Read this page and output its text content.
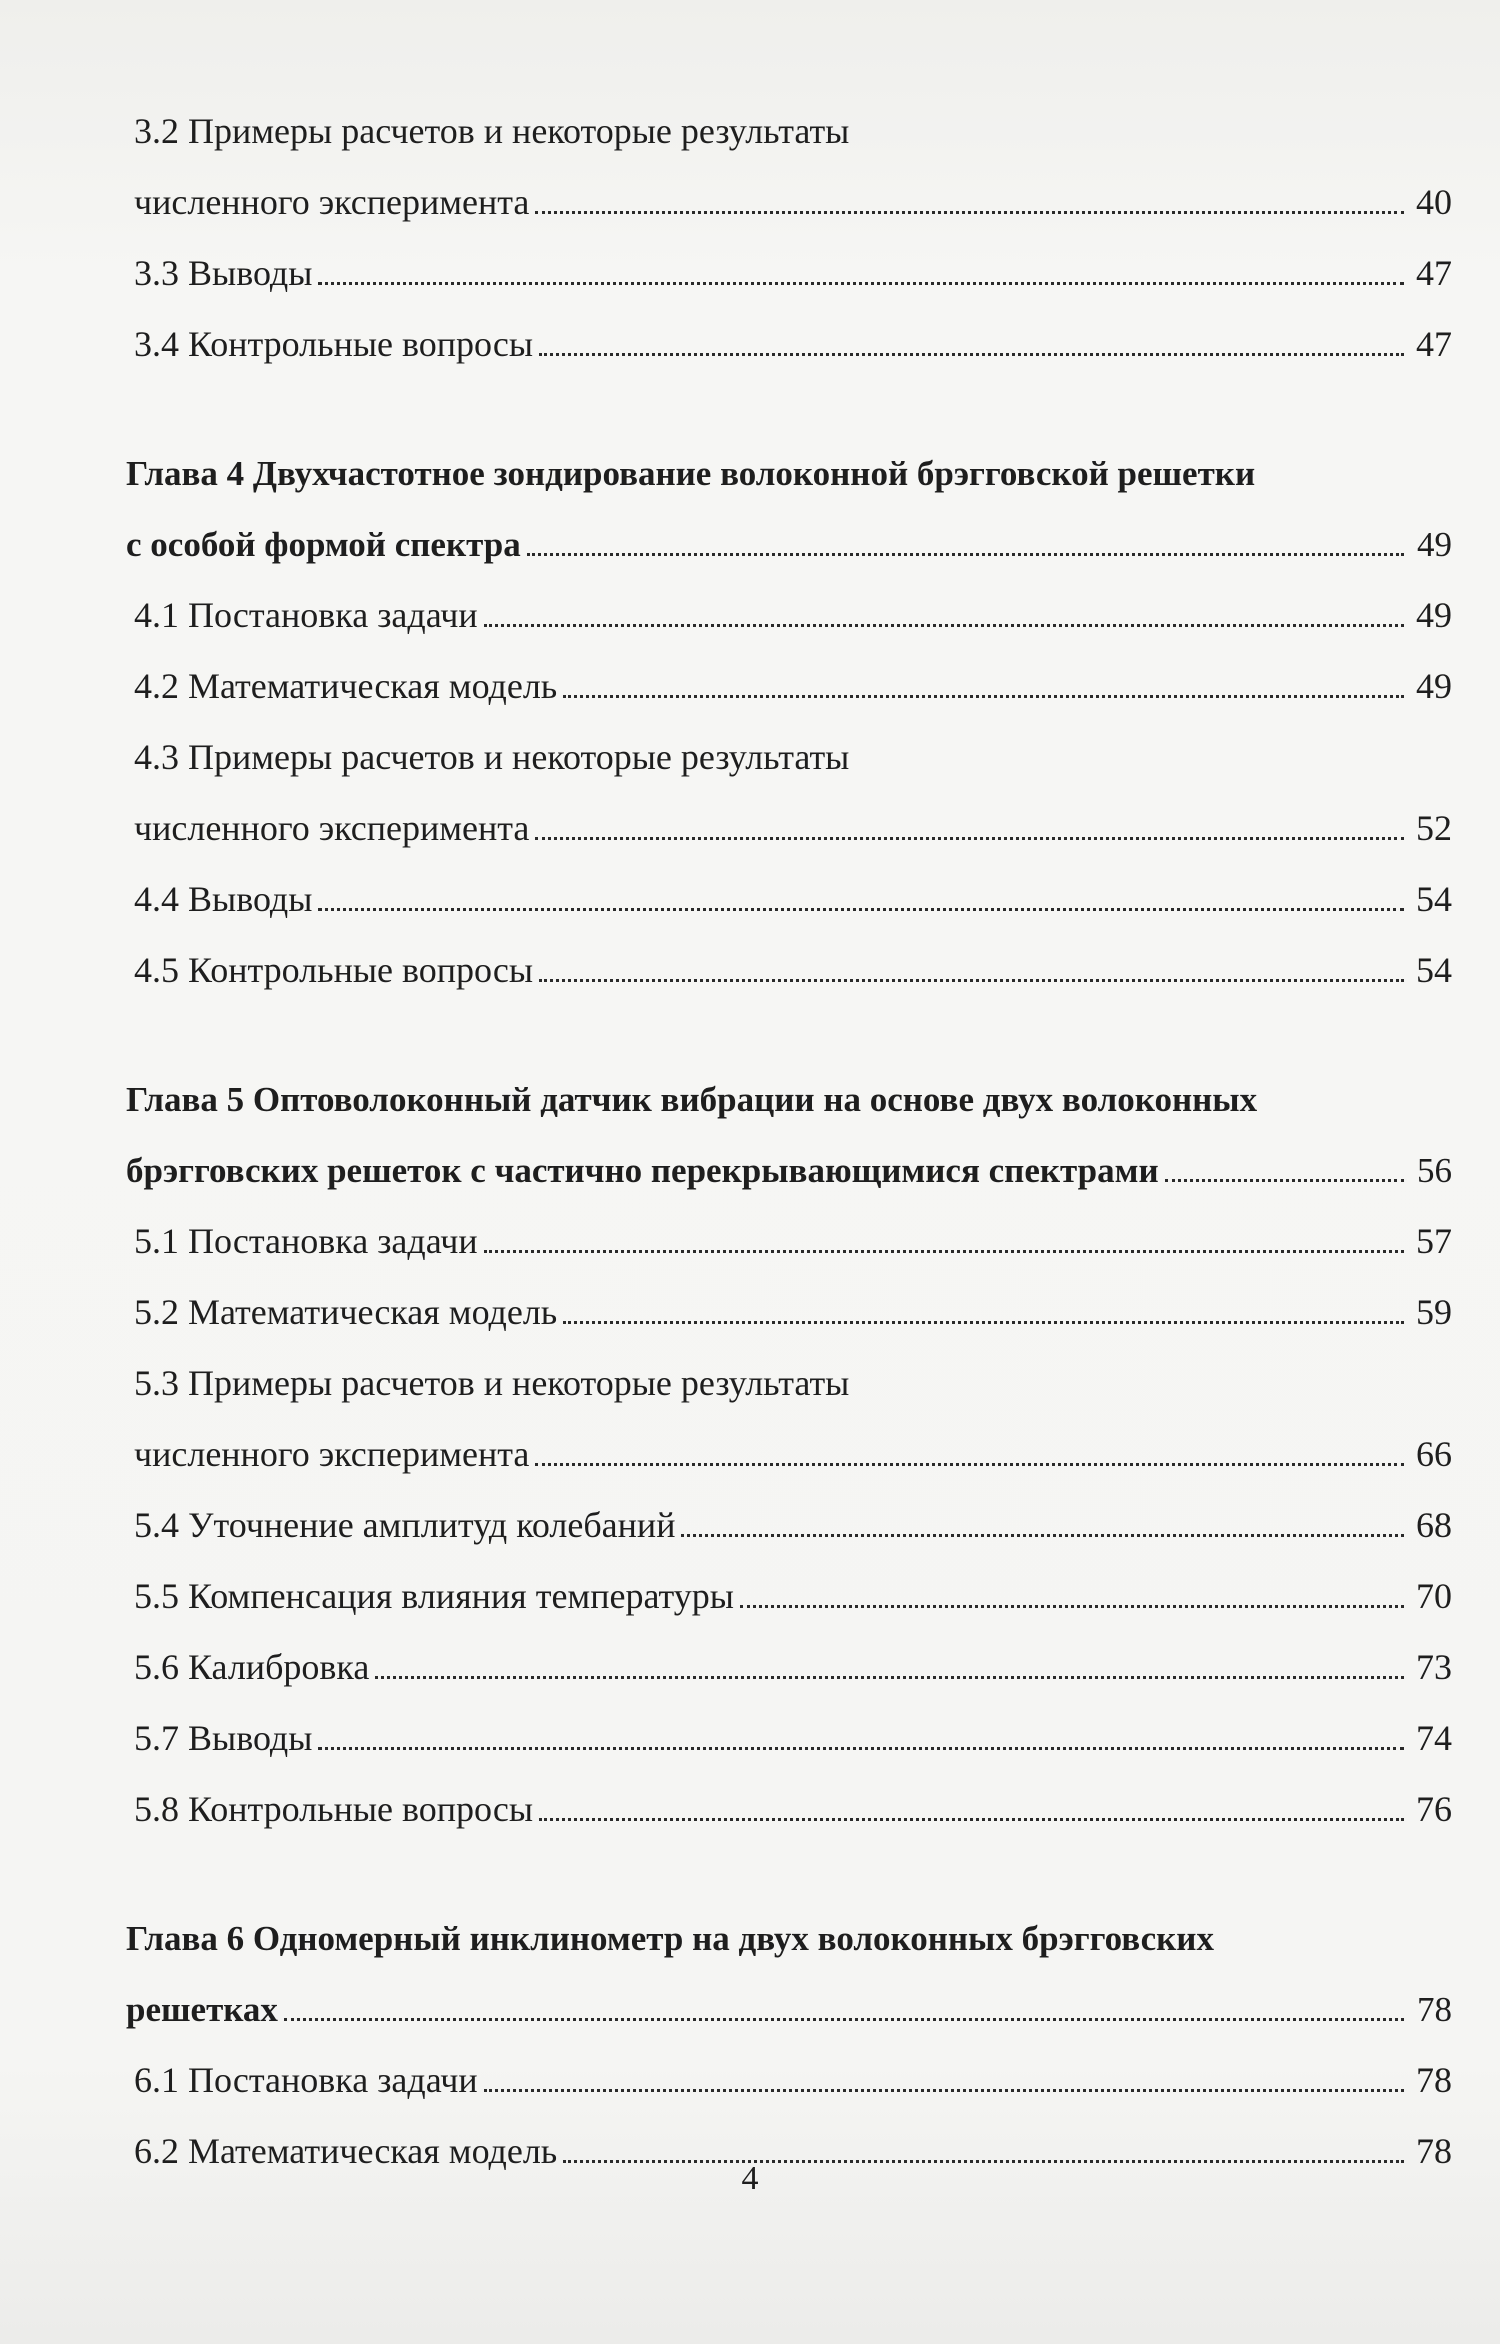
3.2 Примеры расчетов и некоторые результаты
численного эксперимента	40
3.3 Выводы	47
3.4 Контрольные вопросы	47
Глава 4 Двухчастотное зондирование волоконной брэгговской решетки
с особой формой спектра	49
4.1 Постановка задачи	49
4.2 Математическая модель	49
4.3 Примеры расчетов и некоторые результаты
численного эксперимента	52
4.4 Выводы	54
4.5 Контрольные вопросы	54
Глава 5 Оптоволоконный датчик вибрации на основе двух волоконных
брэгговских решеток с частично перекрывающимися спектрами	56
5.1 Постановка задачи	57
5.2 Математическая модель	59
5.3 Примеры расчетов и некоторые результаты
численного эксперимента	66
5.4 Уточнение амплитуд колебаний	68
5.5 Компенсация влияния температуры	70
5.6 Калибровка	73
5.7 Выводы	74
5.8 Контрольные вопросы	76
Глава 6 Одномерный инклинометр на двух волоконных брэгговских
решетках	78
6.1 Постановка задачи	78
6.2 Математическая модель	78
4
